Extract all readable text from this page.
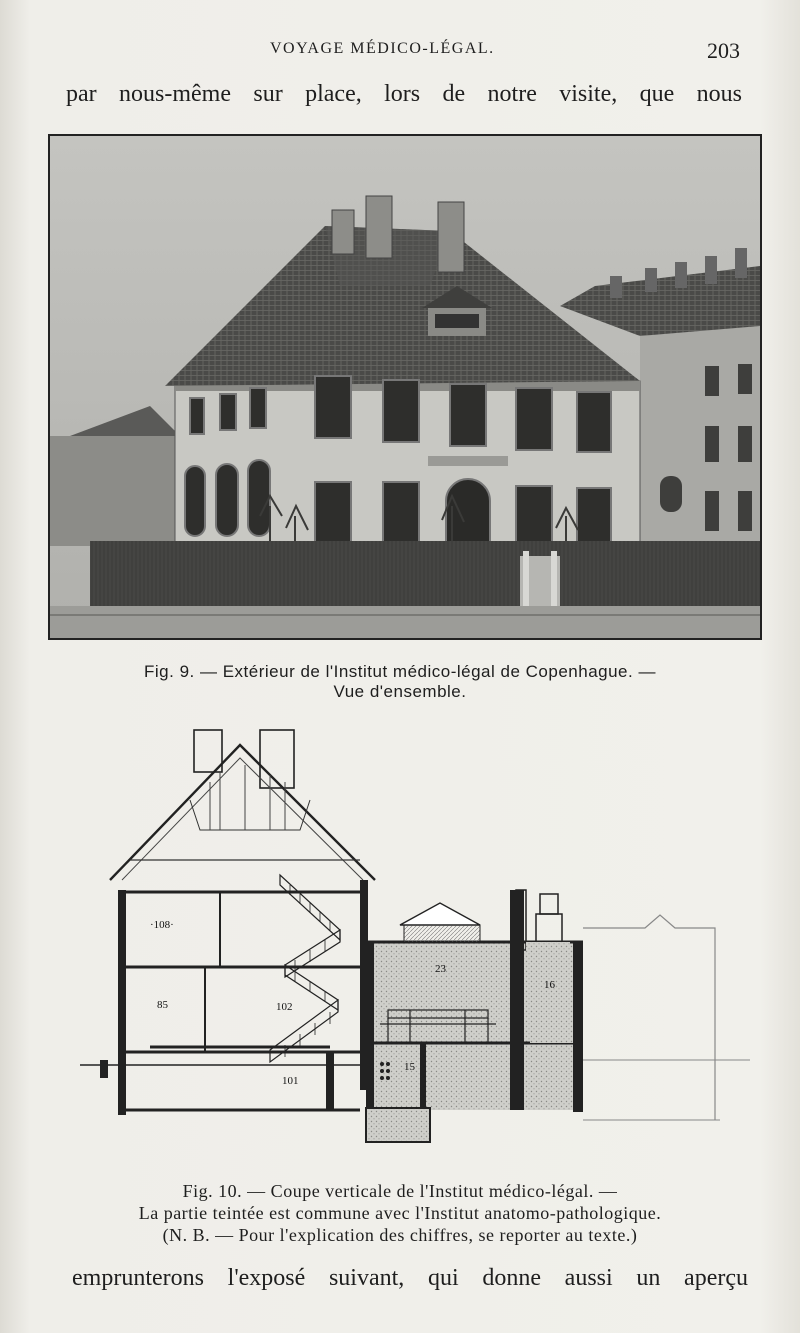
VOYAGE MÉDICO-LÉGAL.	203
par nous-même sur place, lors de notre visite, que nous
Fig. 9. — Extérieur de l'Institut médico-légal de Copenhague. —
Vue d'ensemble.
·108·
85	102
101
23
16
15
Fig. 10. — Coupe verticale de l'Institut médico-légal. —
La partie teintée est commune avec l'Institut anatomo-pathologique.
(N. B. — Pour l'explication des chiffres, se reporter au texte.)
emprunterons l'exposé suivant, qui donne aussi un aperçu
